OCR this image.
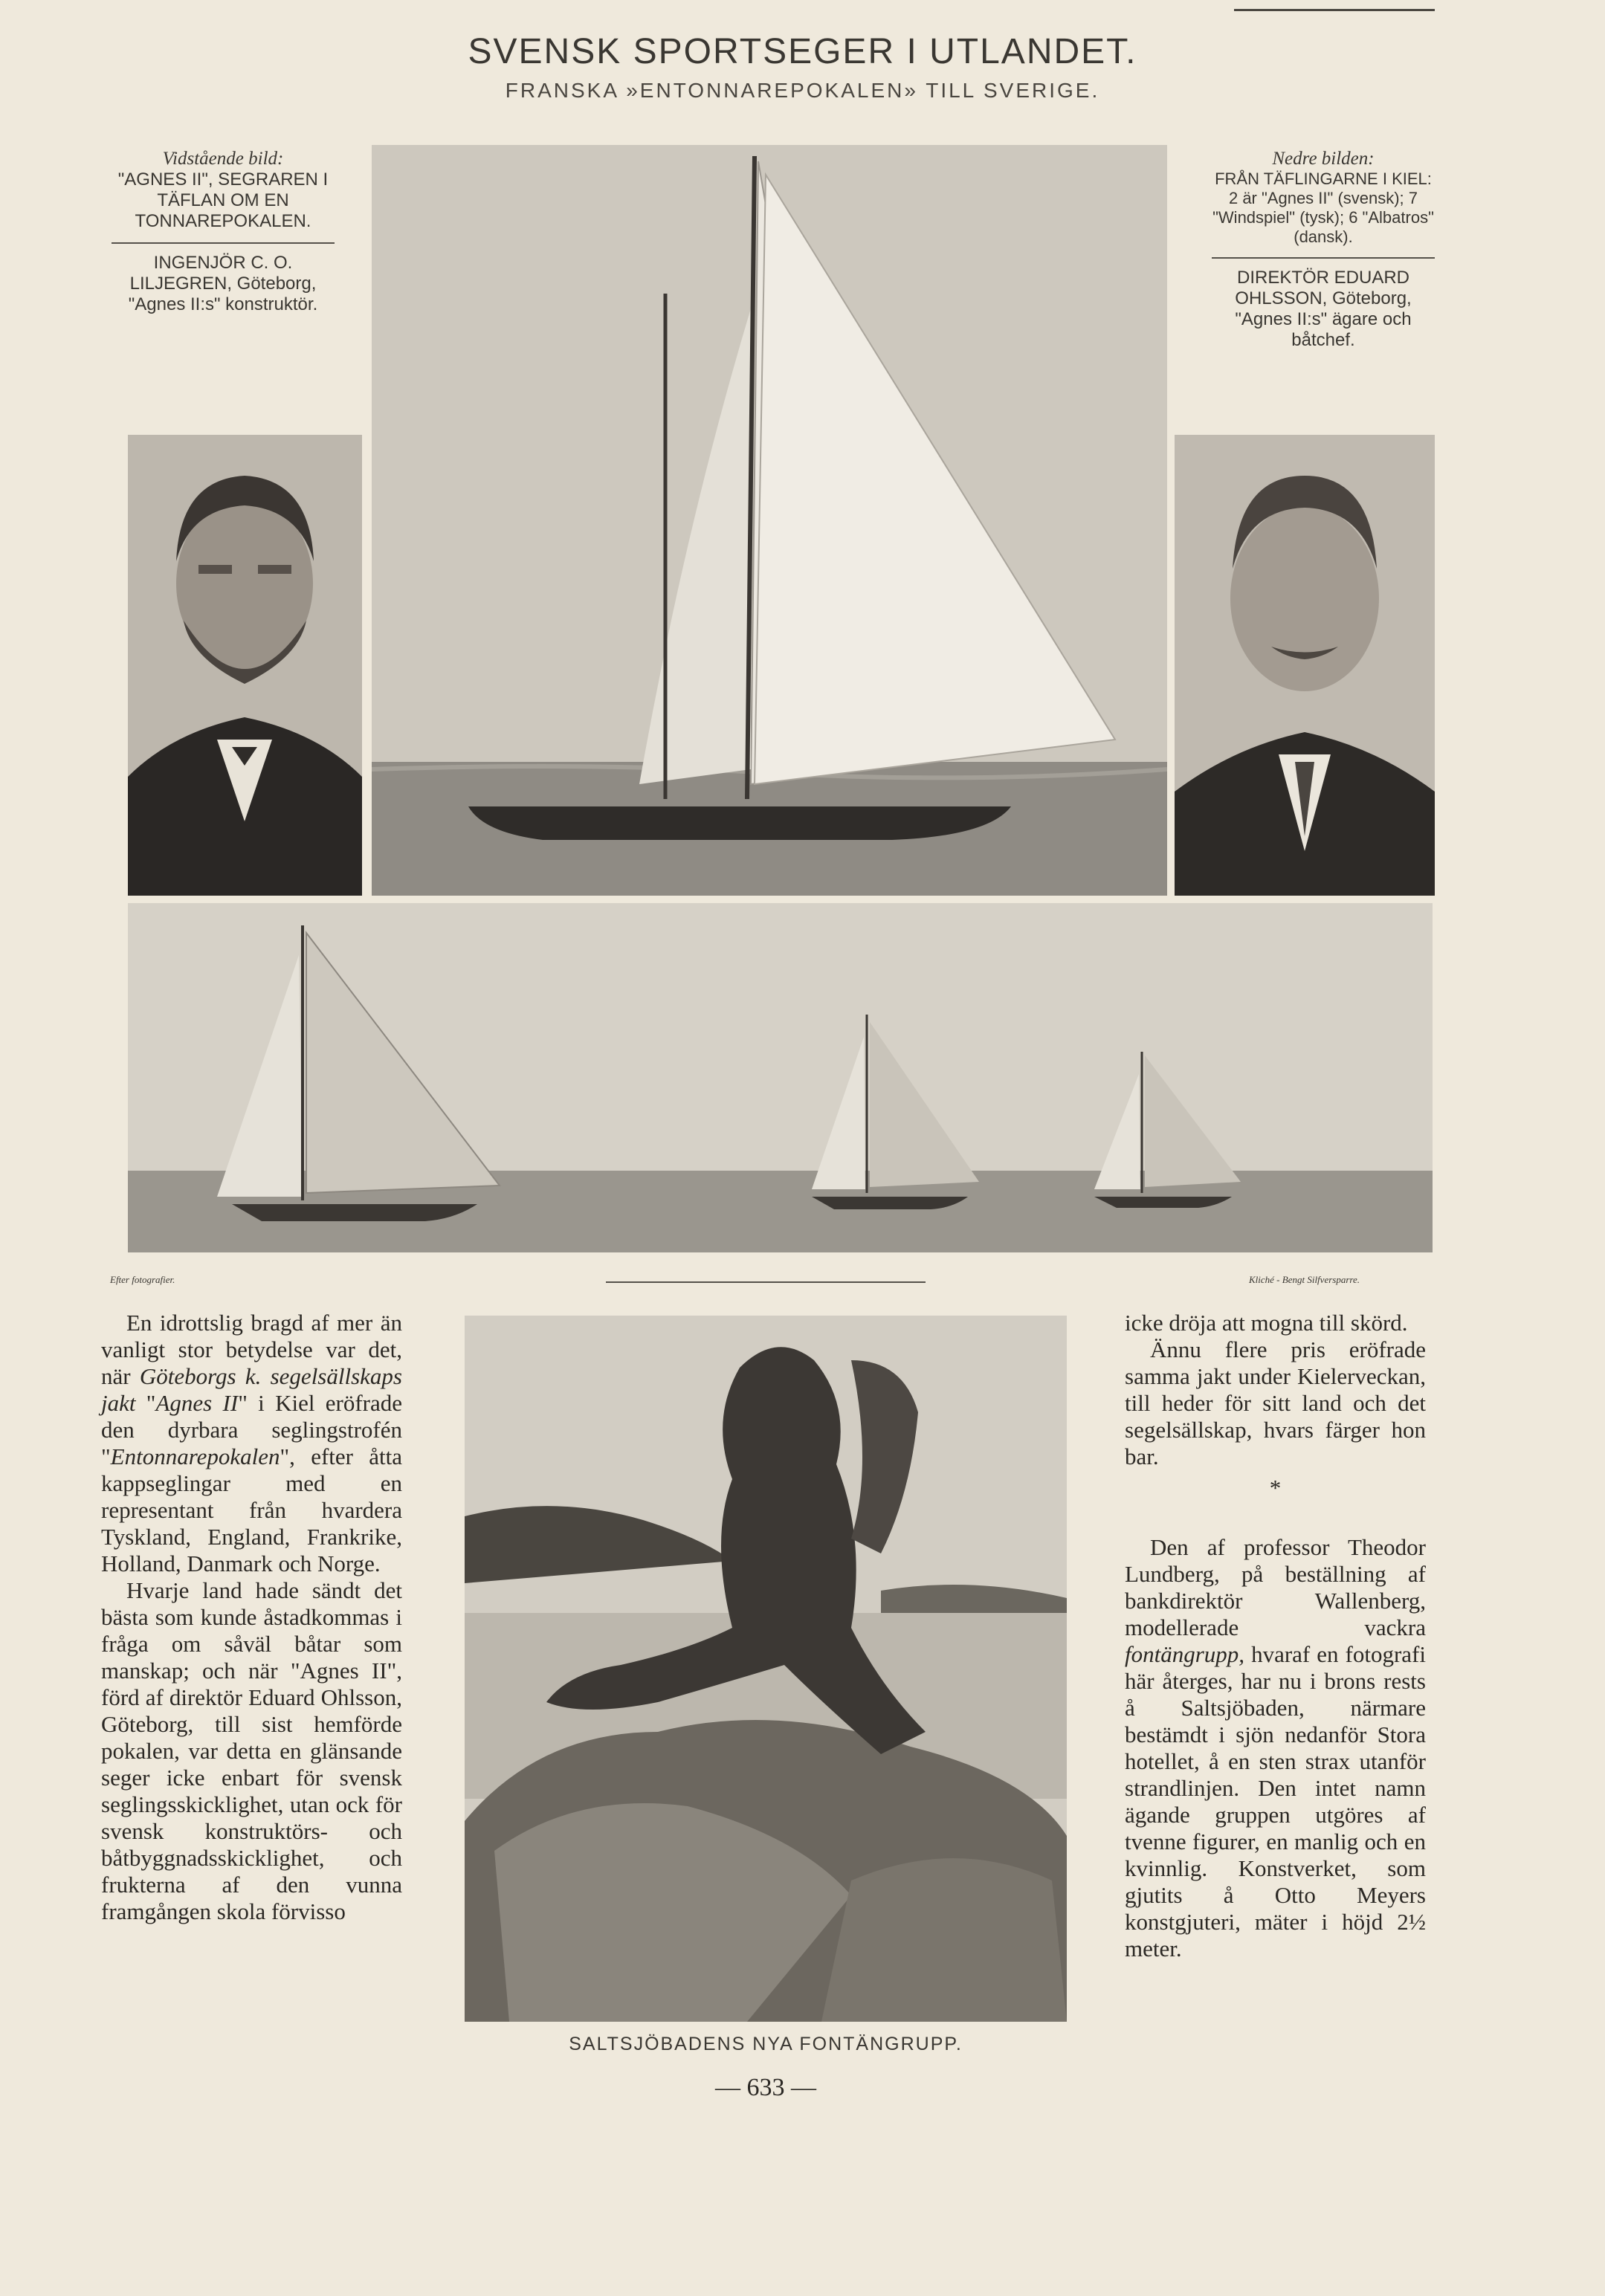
SVENSK SPORTSEGER I UTLANDET.
FRANSKA »ENTONNAREPOKALEN» TILL SVERIGE.
Vidstående bild:
"AGNES II", SEGRAREN I TÄFLAN OM EN TONNAREPOKALEN.
INGENJÖR C. O. LILJEGREN, Göteborg, "Agnes II:s" konstruktör.
Nedre bilden:
FRÅN TÄFLINGARNE I KIEL: 2 är "Agnes II" (svensk); 7 "Windspiel" (tysk); 6 "Albatros" (dansk).
DIREKTÖR EDUARD OHLSSON, Göteborg, "Agnes II:s" ägare och båtchef.
Efter fotografier.	Kliché - Bengt Silfversparre.

En idrottslig bragd af mer än vanligt stor betydelse var det, när Göteborgs k. segelsällskaps jakt "Agnes II" i Kiel eröfrade den dyrbara seglingstrofén "Entonnarepokalen", efter åtta kappseglingar med en representant från hvardera Tyskland, England, Frankrike, Holland, Danmark och Norge.

Hvarje land hade sändt det bästa som kunde åstadkommas i fråga om såväl båtar som manskap; och när "Agnes II", förd af direktör Eduard Ohlsson, Göteborg, till sist hemförde pokalen, var detta en glänsande seger icke enbart för svensk seglingsskicklighet, utan ock för svensk konstruktörs- och båtbyggnadsskicklighet, och frukterna af den vunna framgången skola förvisso

SALTSJÖBADENS NYA FONTÄNGRUPP.

icke dröja att mogna till skörd.

Ännu flere pris eröfrade samma jakt under Kielerveckan, till heder för sitt land och det segelsällskap, hvars färger hon bar.

*

Den af professor Theodor Lundberg, på beställning af bankdirektör Wallenberg, modellerade vackra fontängrupp, hvaraf en fotografi här återges, har nu i brons rests å Saltsjöbaden, närmare bestämdt i sjön nedanför Stora hotellet, å en sten strax utanför strandlinjen. Den intet namn ägande gruppen utgöres af tvenne figurer, en manlig och en kvinnlig. Konstverket, som gjutits å Otto Meyers konstgjuteri, mäter i höjd 2½ meter.

— 633 —
